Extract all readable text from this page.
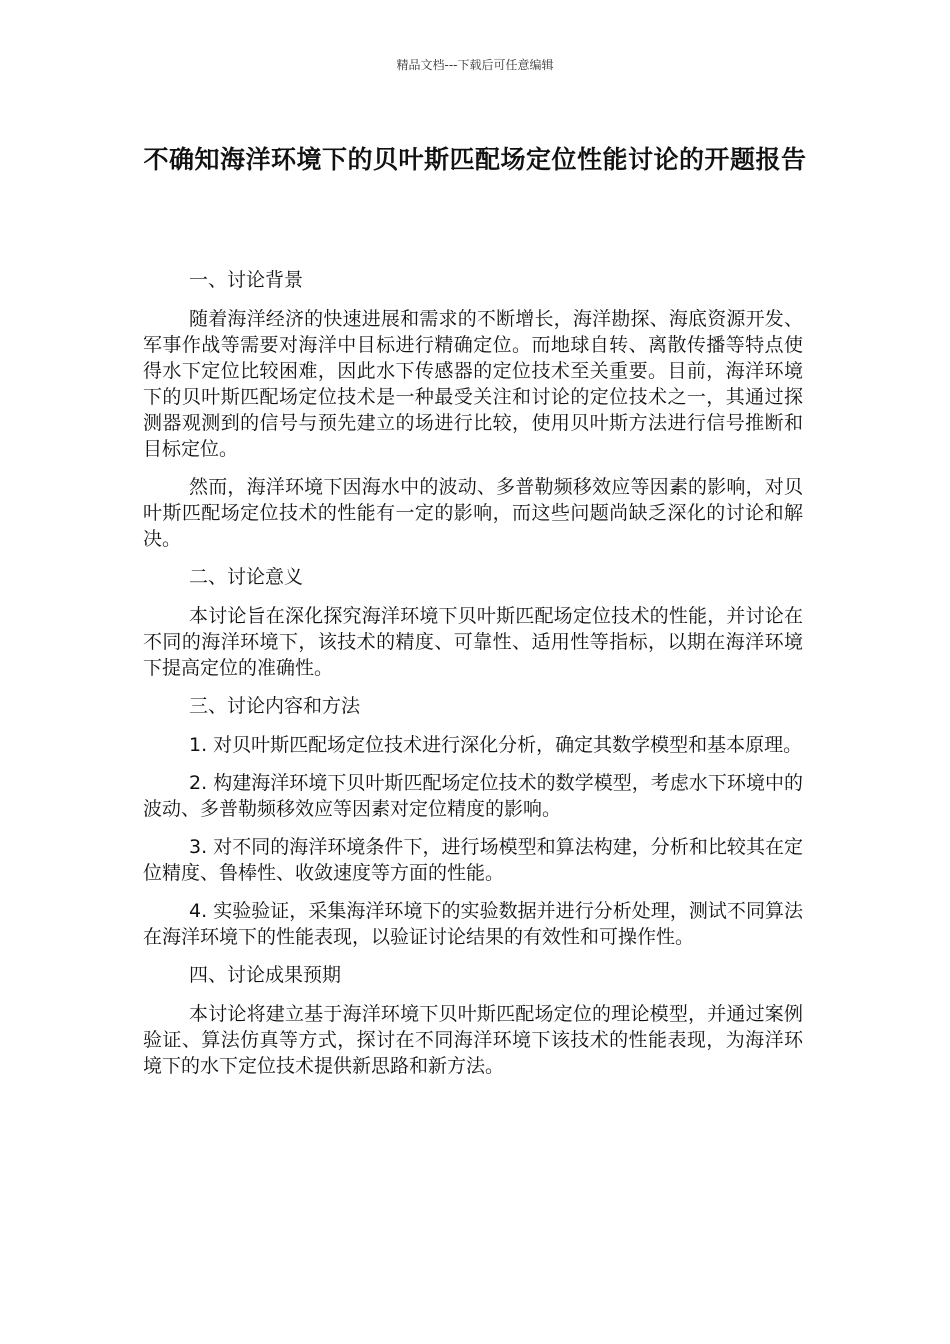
精品文档---下载后可任意编辑
不确知海洋环境下的贝叶斯匹配场定位性能讨论的开题报告

一、讨论背景

随着海洋经济的快速进展和需求的不断增长，海洋勘探、海底资源开发、军事作战等需要对海洋中目标进行精确定位。而地球自转、离散传播等特点使得水下定位比较困难，因此水下传感器的定位技术至关重要。目前，海洋环境下的贝叶斯匹配场定位技术是一种最受关注和讨论的定位技术之一，其通过探测器观测到的信号与预先建立的场进行比较，使用贝叶斯方法进行信号推断和目标定位。

然而，海洋环境下因海水中的波动、多普勒频移效应等因素的影响，对贝叶斯匹配场定位技术的性能有一定的影响，而这些问题尚缺乏深化的讨论和解决。

二、讨论意义

本讨论旨在深化探究海洋环境下贝叶斯匹配场定位技术的性能，并讨论在不同的海洋环境下，该技术的精度、可靠性、适用性等指标，以期在海洋环境下提高定位的准确性。

三、讨论内容和方法

1. 对贝叶斯匹配场定位技术进行深化分析，确定其数学模型和基本原理。

2. 构建海洋环境下贝叶斯匹配场定位技术的数学模型，考虑水下环境中的波动、多普勒频移效应等因素对定位精度的影响。

3. 对不同的海洋环境条件下，进行场模型和算法构建，分析和比较其在定位精度、鲁棒性、收敛速度等方面的性能。

4. 实验验证，采集海洋环境下的实验数据并进行分析处理，测试不同算法在海洋环境下的性能表现，以验证讨论结果的有效性和可操作性。

四、讨论成果预期

本讨论将建立基于海洋环境下贝叶斯匹配场定位的理论模型，并通过案例验证、算法仿真等方式，探讨在不同海洋环境下该技术的性能表现，为海洋环境下的水下定位技术提供新思路和新方法。
